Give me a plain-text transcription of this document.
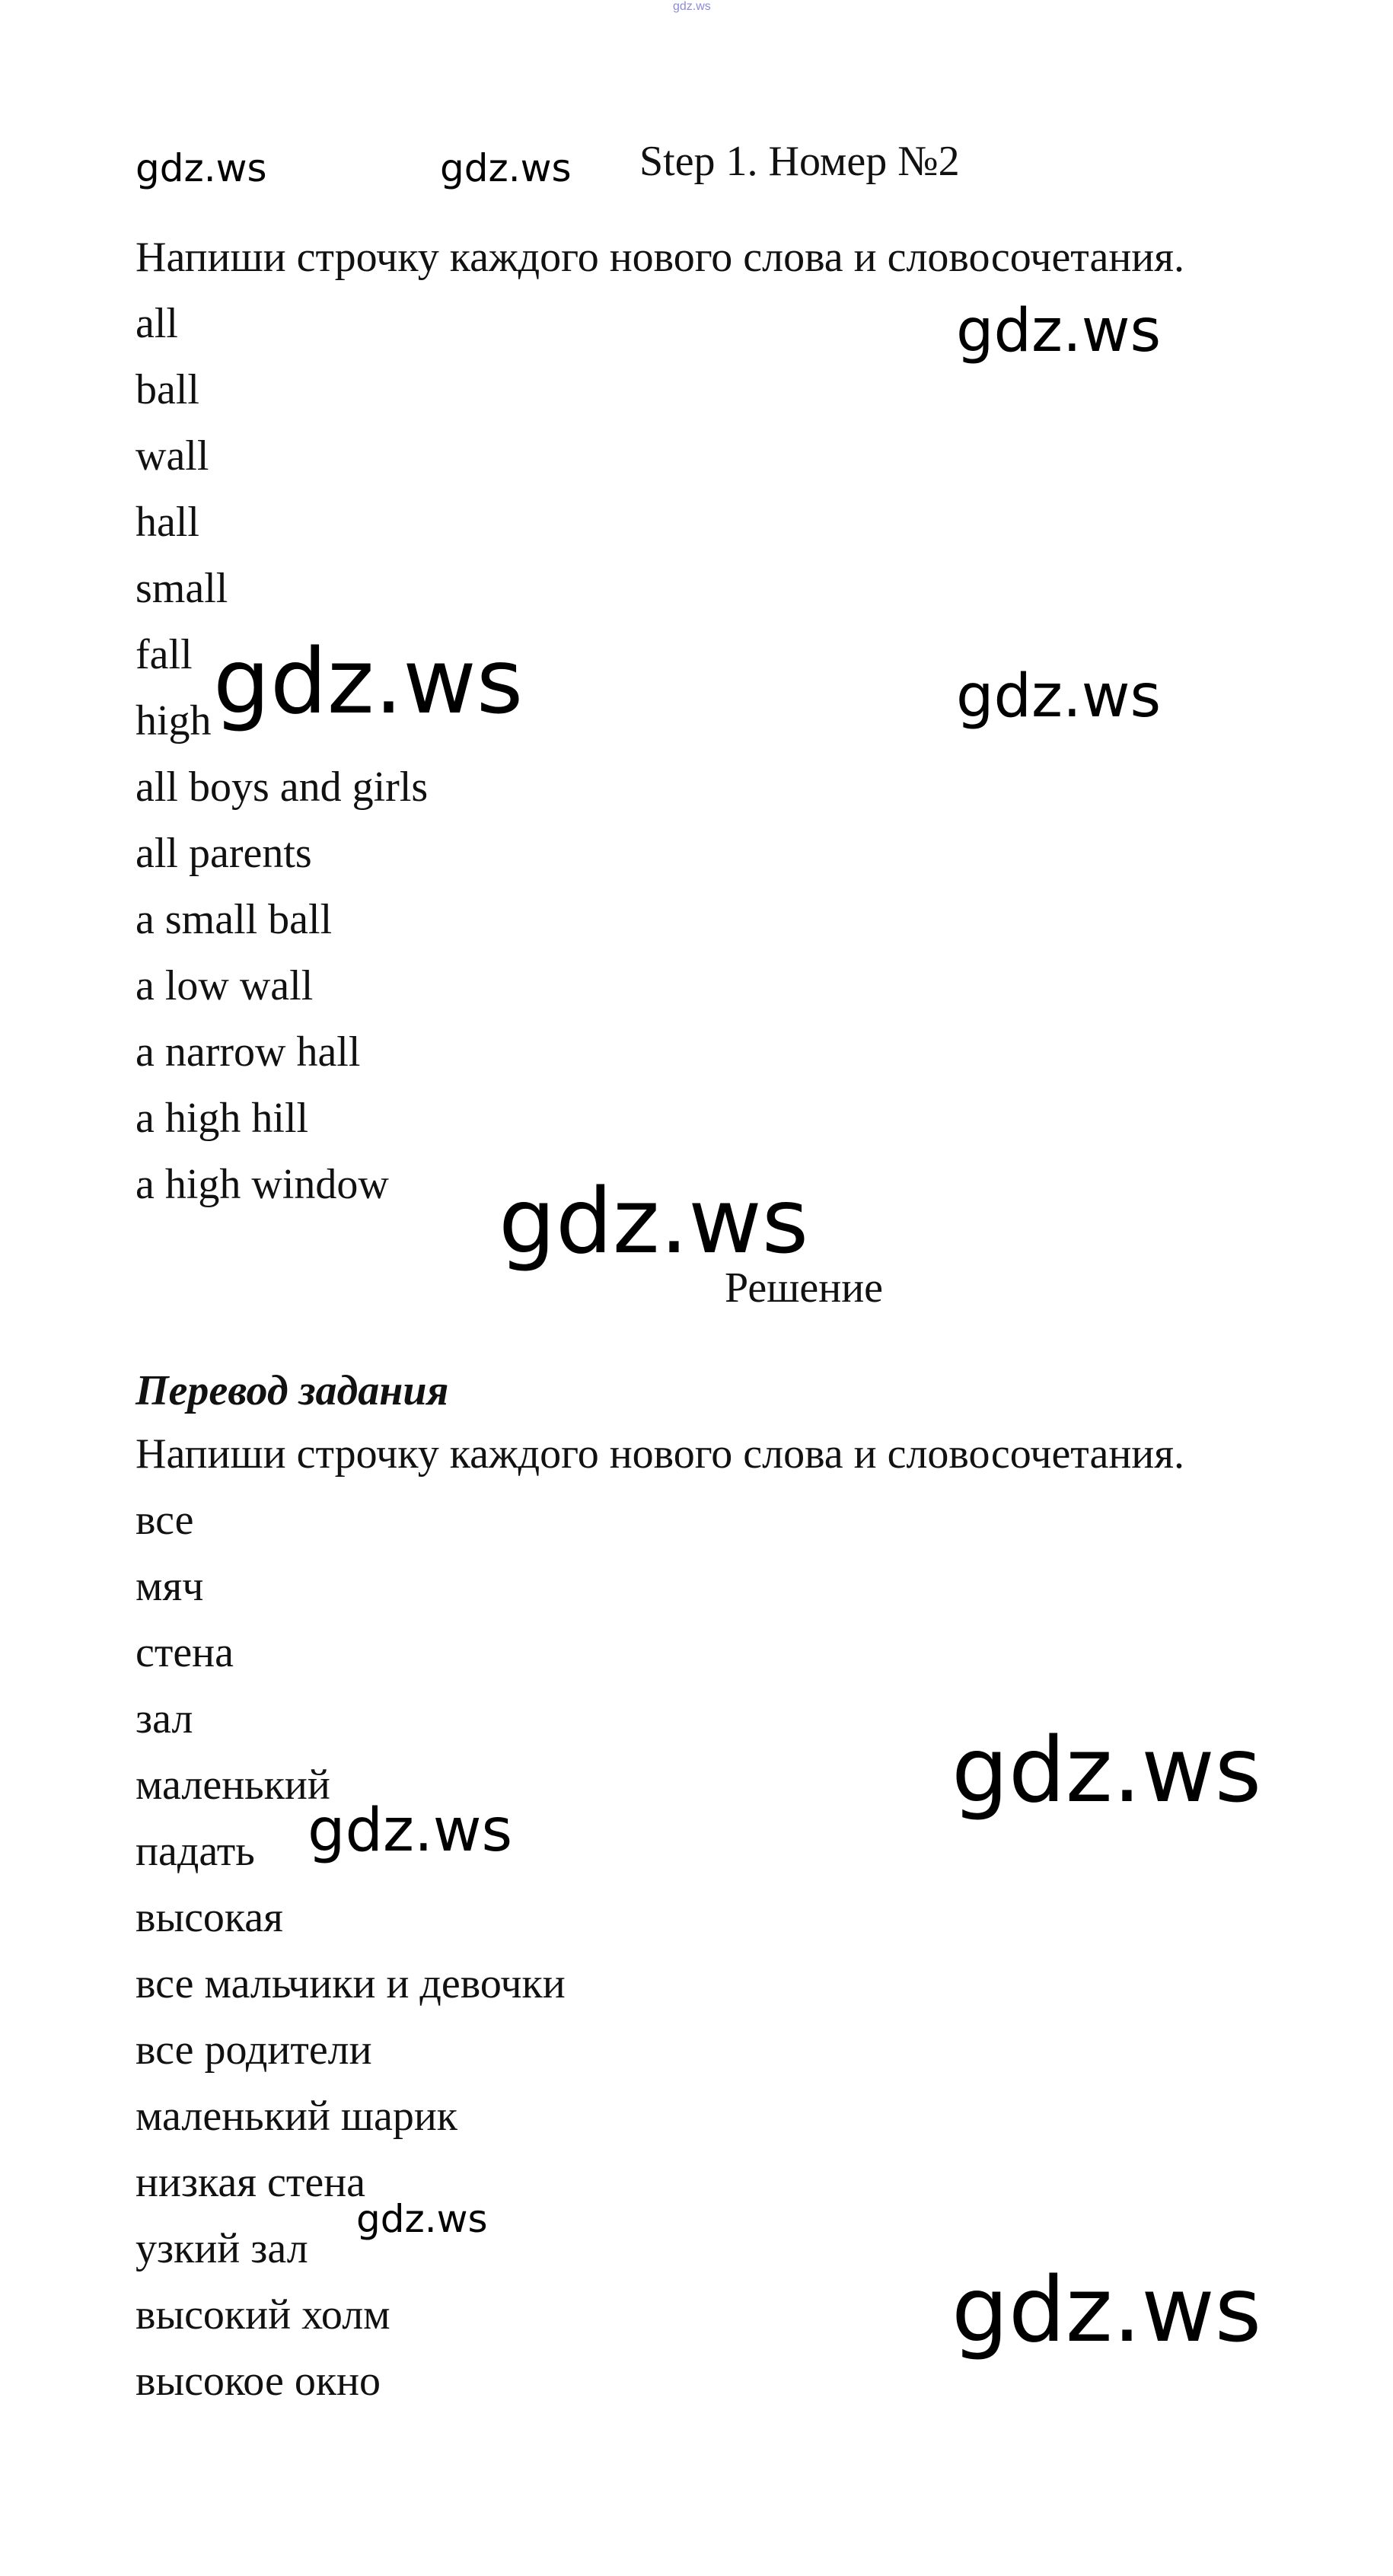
gdz.ws
gdz.ws	gdz.ws
gdz.ws
gdz.ws	gdz.ws
gdz.ws
gdz.ws
gdz.ws
gdz.ws
gdz.ws
Step 1. Номер №2
Напиши строчку каждого нового слова и словосочетания.
all
ball
wall
hall
small
fall
high
all boys and girls
all parents
a small ball
a low wall
a narrow hall
a high hill
a high window
Решение
Перевод задания
Напиши строчку каждого нового слова и словосочетания.
все
мяч
стена
зал
маленький
падать
высокая
все мальчики и девочки
все родители
маленький шарик
низкая стена
узкий зал
высокий холм
высокое окно
